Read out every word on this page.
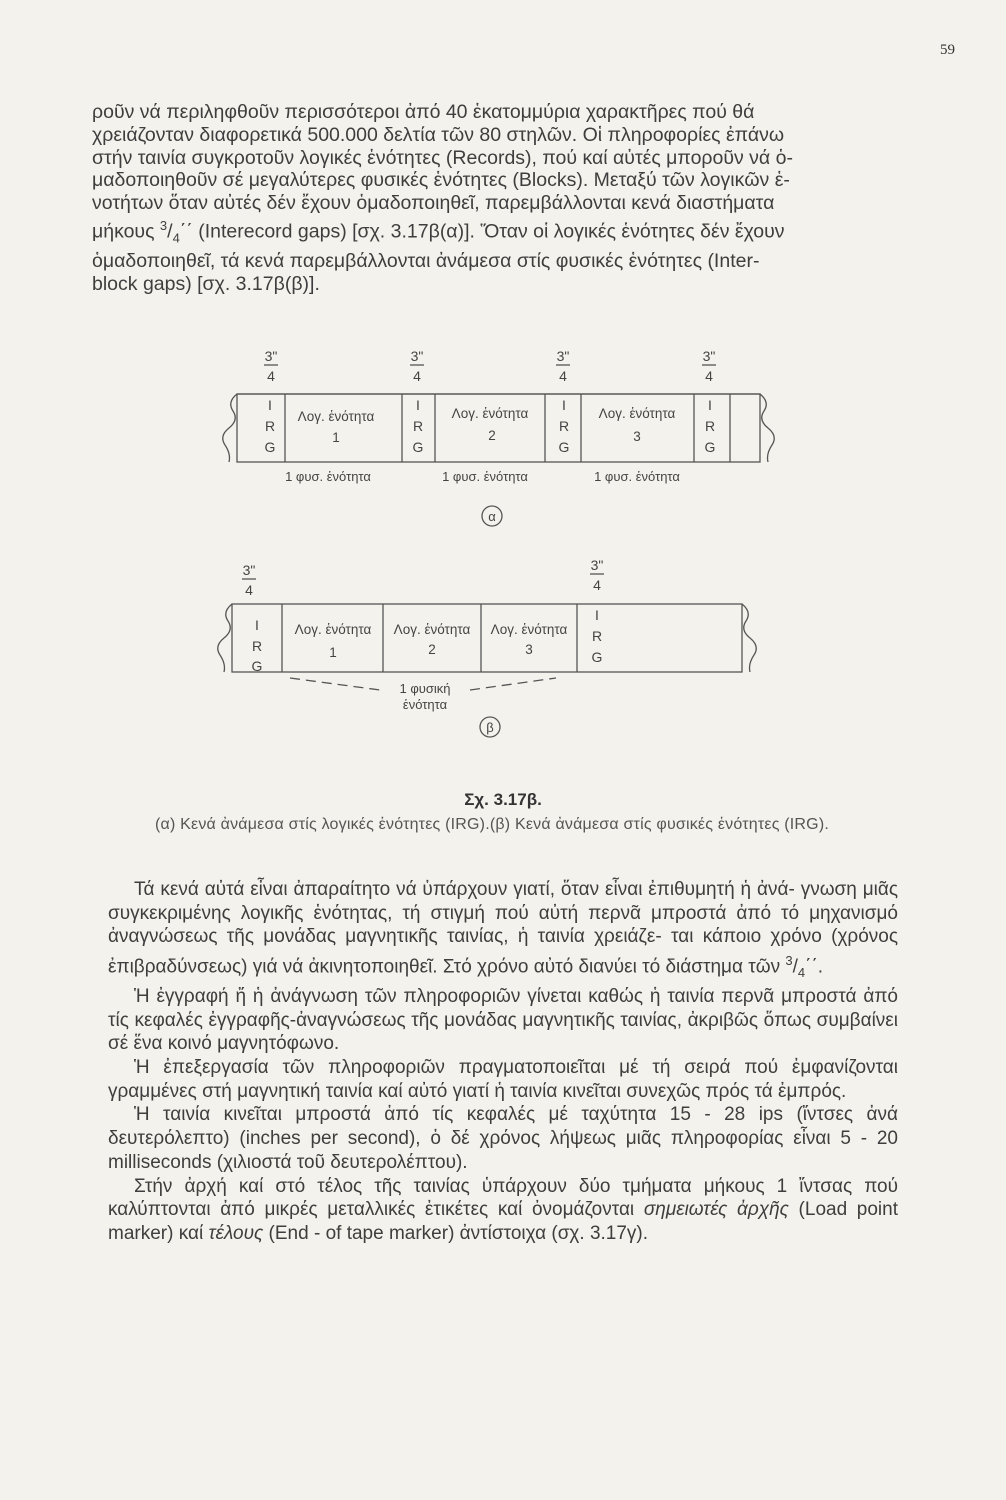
59

ροῦν νά περιληφθοῦν περισσότεροι ἀπό 40 ἑκατομμύρια χαρακτῆρες πού θά

χρειάζονταν διαφορετικά 500.000 δελτία τῶν 80 στηλῶν. Οἱ πληροφορίες ἐπάνω

στήν ταινία συγκροτοῦν λογικές ἑνότητες (Records), πού καί αὐτές μποροῦν νά ὁ-

μαδοποιηθοῦν σέ μεγαλύτερες φυσικές ἑνότητες (Blocks). Μεταξύ τῶν λογικῶν ἑ-

νοτήτων ὅταν αὐτές δέν ἔχουν ὁμαδοποιηθεῖ, παρεμβάλλονται κενά διαστήματα

μήκους $^3/_4΄΄$ (Interecord gaps) [σχ. 3.17β(α)]. Ὅταν οἱ λογικές ἑνότητες δέν ἔχουν

ὁμαδοποιηθεῖ, τά κενά παρεμβάλλονται ἀνάμεσα στίς φυσικές ἑνότητες (Inter-

block gaps) [σχ. 3.17β(β)].

3"
4
3"
4
3"
4
3"
4
3"
4
3"
4
I
R
G
I
R
G
I
R
G
I
R
G
Λογ. ἑνότητα
1
Λογ. ἑνότητα
2
Λογ. ἑνότητα
3
1 φυσ. ἑνότητα	1 φυσ. ἑνότητα	1 φυσ. ἑνότητα
α
I
R
G
I
R
G
Λογ. ἑνότητα
1
Λογ. ἑνότητα
2
Λογ. ἑνότητα
3
1 φυσική
ἑνότητα
β
Σχ. 3.17β.
(α) Κενά ἀνάμεσα στίς λογικές ἑνότητες (IRG).(β) Κενά ἀνάμεσα στίς φυσικές ἑνότητες (IRG).

Τά κενά αὐτά εἶναι ἀπαραίτητο νά ὑπάρχουν γιατί, ὅταν εἶναι ἐπιθυμητή ἡ ἀνά- γνωση μιᾶς συγκεκριμένης λογικῆς ἑνότητας, τή στιγμή πού αὐτή περνᾶ μπροστά ἀπό τό μηχανισμό ἀναγνώσεως τῆς μονάδας μαγνητικῆς ταινίας, ἡ ταινία χρειάζε- ται κάποιο χρόνο (χρόνος ἐπιβραδύνσεως) γιά νά ἀκινητοποιηθεῖ. Στό χρόνο αὐτό διανύει τό διάστημα τῶν $^3/_4΄΄$.

Ἡ ἐγγραφή ἤ ἡ ἀνάγνωση τῶν πληροφοριῶν γίνεται καθώς ἡ ταινία περνᾶ μπροστά ἀπό τίς κεφαλές ἐγγραφῆς-ἀναγνώσεως τῆς μονάδας μαγνητικῆς ταινίας, ἀκριβῶς ὅπως συμβαίνει σέ ἕνα κοινό μαγνητόφωνο.

Ἡ ἐπεξεργασία τῶν πληροφοριῶν πραγματοποιεῖται μέ τή σειρά πού ἐμφανίζονται γραμμένες στή μαγνητική ταινία καί αὐτό γιατί ἡ ταινία κινεῖται συνεχῶς πρός τά ἐμπρός.

Ἡ ταινία κινεῖται μπροστά ἀπό τίς κεφαλές μέ ταχύτητα 15 - 28 ips (ἴντσες ἀνά δευτερόλεπτο) (inches per second), ὁ δέ χρόνος λήψεως μιᾶς πληροφορίας εἶναι 5 - 20 milliseconds (χιλιοστά τοῦ δευτερολέπτου).

Στήν ἀρχή καί στό τέλος τῆς ταινίας ὑπάρχουν δύο τμήματα μήκους 1 ἴντσας πού καλύπτονται ἀπό μικρές μεταλλικές ἐτικέτες καί ὀνομάζονται σημειωτές ἀρχῆς (Load point marker) καί τέλους (End - of tape marker) ἀντίστοιχα (σχ. 3.17γ).
